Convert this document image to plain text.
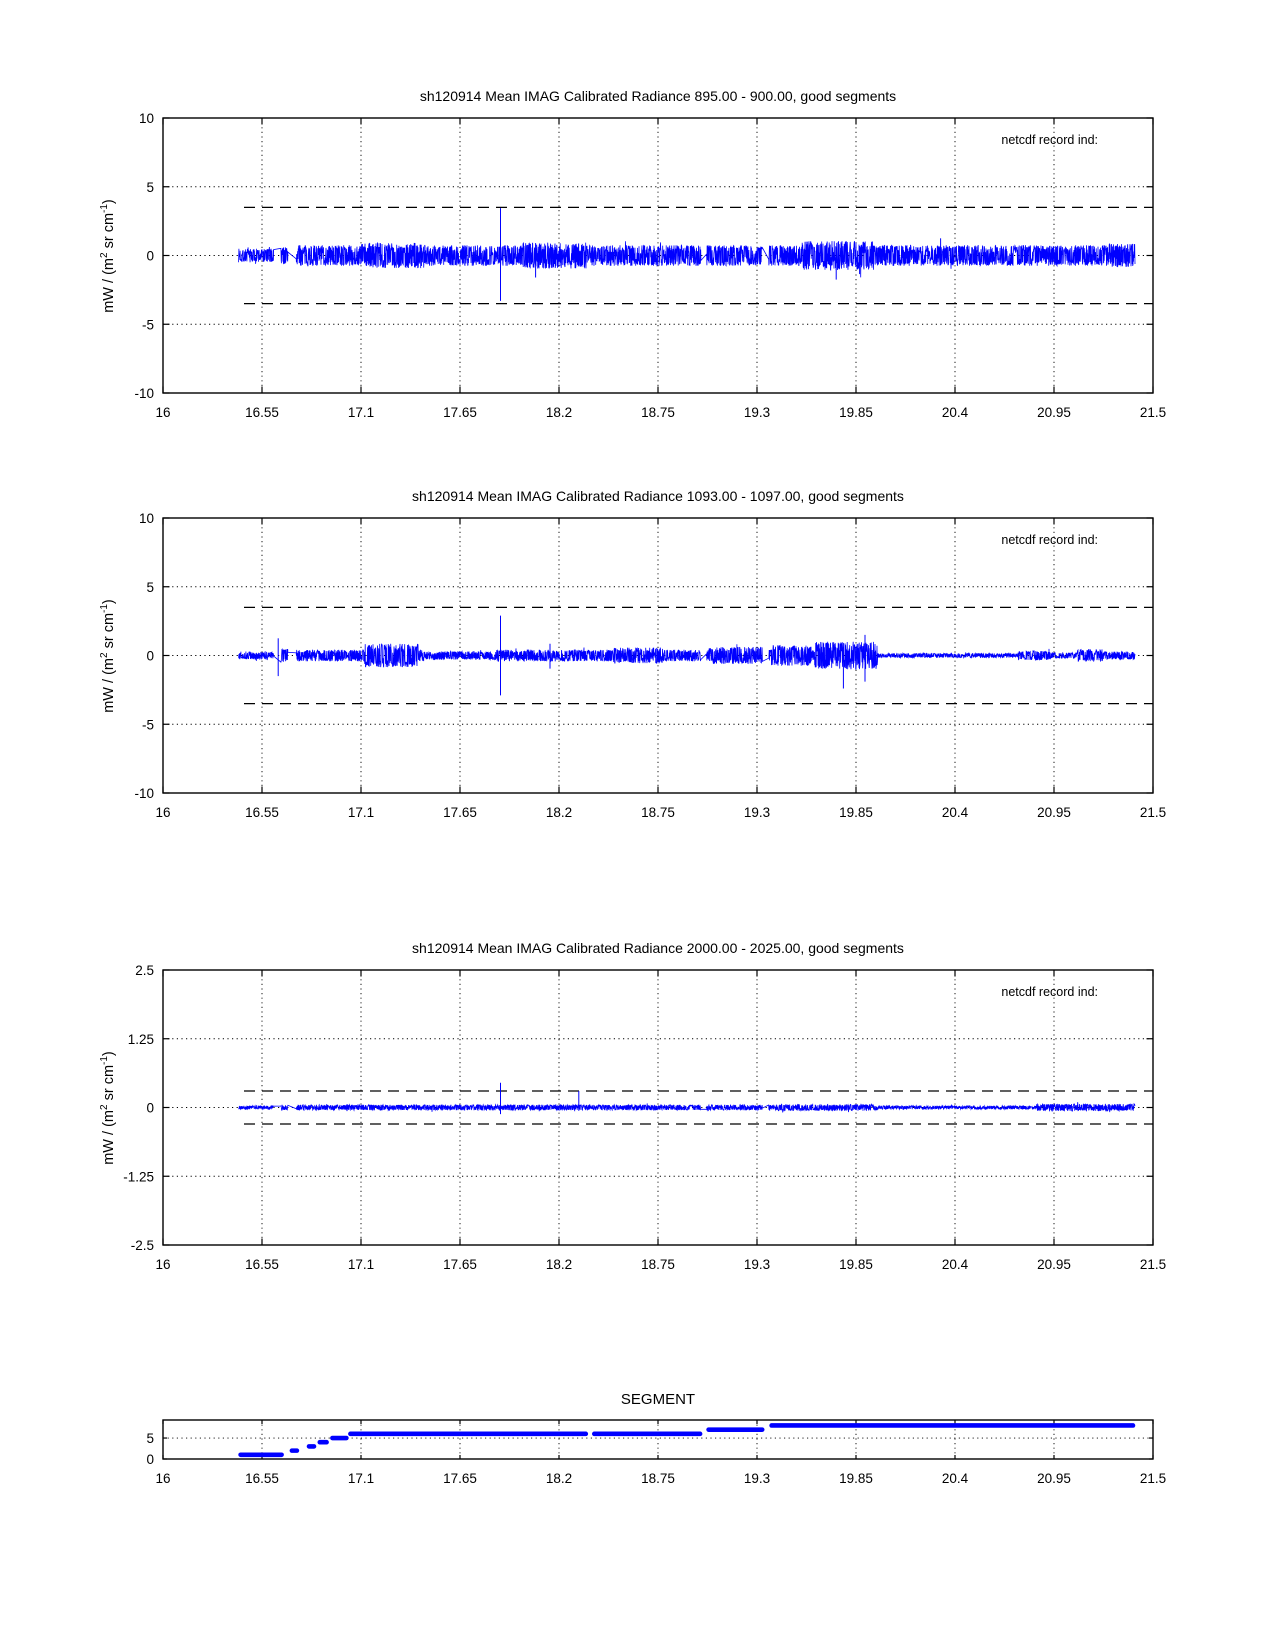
sh120914 Mean IMAG Calibrated Radiance 895.00 - 900.00, good segments
mW / ($m^2$ sr $cm^{-1}$)
netcdf record ind:
16	16.55	17.1	17.65	18.2	18.75	19.3	19.85	20.4	20.95	21.5
10
5
0
-5
-10
sh120914 Mean IMAG Calibrated Radiance 1093.00 - 1097.00, good segments
mW / ($m^2$ sr $cm^{-1}$)
netcdf record ind:
16	16.55	17.1	17.65	18.2	18.75	19.3	19.85	20.4	20.95	21.5
10
5
0
-5
-10
sh120914 Mean IMAG Calibrated Radiance 2000.00 - 2025.00, good segments
mW / ($m^2$ sr $cm^{-1}$)
netcdf record ind:
16	16.55	17.1	17.65	18.2	18.75	19.3	19.85	20.4	20.95	21.5
2.5
1.25
0
-1.25
-2.5
SEGMENT
16	16.55	17.1	17.65	18.2	18.75	19.3	19.85	20.4	20.95	21.5
0
5
